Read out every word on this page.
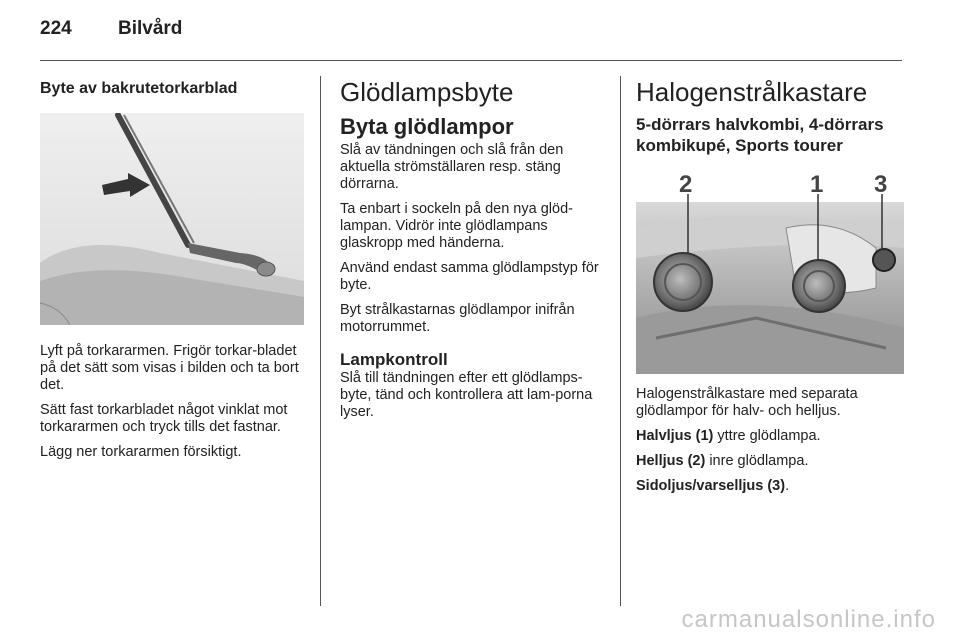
224 Bilvård
Byte av bakrutetorkarblad

Lyft på torkararmen. Frigör torkar-bladet på det sätt som visas i bilden och ta bort det.

Sätt fast torkarbladet något vinklat mot torkararmen och tryck tills det fastnar.

Lägg ner torkararmen försiktigt.

Glödlampsbyte
Byta glödlampor

Slå av tändningen och slå från den aktuella strömställaren resp. stäng dörrarna.

Ta enbart i sockeln på den nya glöd-lampan. Vidrör inte glödlampans glaskropp med händerna.

Använd endast samma glödlampstyp för byte.

Byt strålkastarnas glödlampor inifrån motorrummet.

Lampkontroll

Slå till tändningen efter ett glödlamps-byte, tänd och kontrollera att lam-porna lyser.

Halogenstrålkastare
5-dörrars halvkombi, 4-dörrars kombikupé, Sports tourer
2	1 3

Halogenstrålkastare med separata glödlampor för halv- och helljus.

Halvljus (1) yttre glödlampa.

Helljus (2) inre glödlampa.

Sidoljus/varselljus (3).

carmanualsonline.info
